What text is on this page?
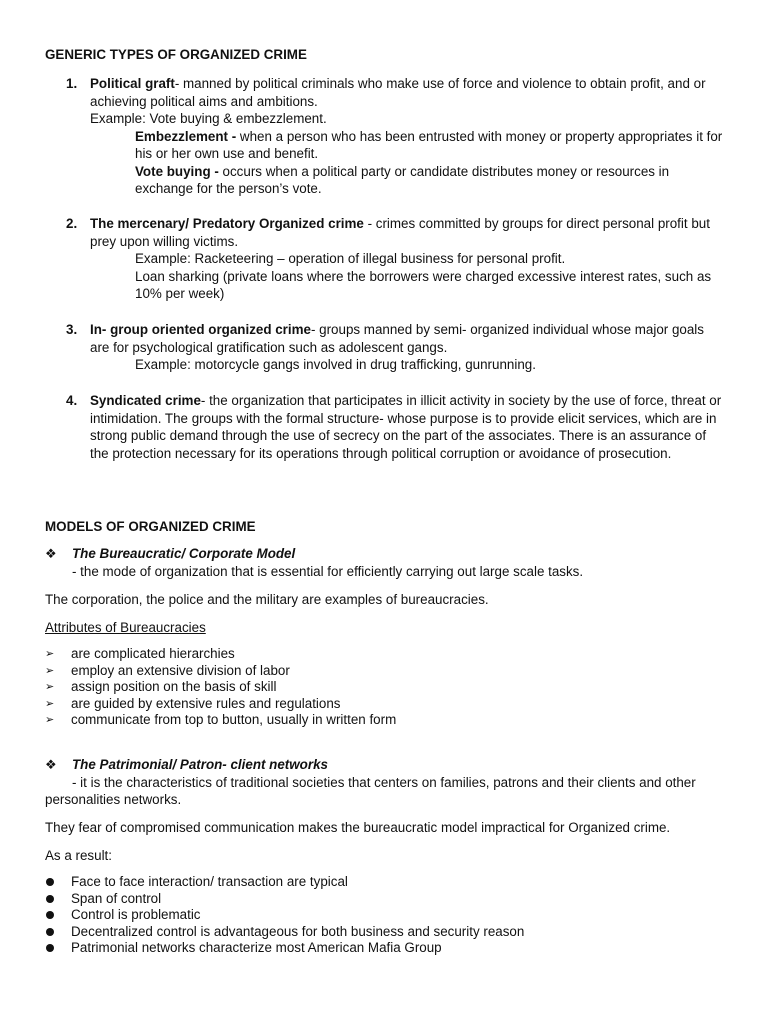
GENERIC TYPES OF ORGANIZED CRIME
1. Political graft- manned by political criminals who make use of force and violence to obtain profit, and or achieving political aims and ambitions.
Example: Vote buying & embezzlement.
Embezzlement - when a person who has been entrusted with money or property appropriates it for his or her own use and benefit.
Vote buying - occurs when a political party or candidate distributes money or resources in exchange for the person’s vote.
2. The mercenary/ Predatory Organized crime - crimes committed by groups for direct personal profit but prey upon willing victims.
Example: Racketeering – operation of illegal business for personal profit.
Loan sharking (private loans where the borrowers were charged excessive interest rates, such as 10% per week)
3. In- group oriented organized crime- groups manned by semi- organized individual whose major goals are for psychological gratification such as adolescent gangs.
Example: motorcycle gangs involved in drug trafficking, gunrunning.
4. Syndicated crime- the organization that participates in illicit activity in society by the use of force, threat or intimidation. The groups with the formal structure- whose purpose is to provide elicit services, which are in strong public demand through the use of secrecy on the part of the associates. There is an assurance of the protection necessary for its operations through political corruption or avoidance of prosecution.
MODELS OF ORGANIZED CRIME
❖ The Bureaucratic/ Corporate Model
- the mode of organization that is essential for efficiently carrying out large scale tasks.
The corporation, the police and the military are examples of bureaucracies.
Attributes of Bureaucracies
➢ are complicated hierarchies
➢ employ an extensive division of labor
➢ assign position on the basis of skill
➢ are guided by extensive rules and regulations
➢ communicate from top to button, usually in written form
❖ The Patrimonial/ Patron- client networks
- it is the characteristics of traditional societies that centers on families, patrons and their clients and other personalities networks.
They fear of compromised communication makes the bureaucratic model impractical for Organized crime.
As a result:
Face to face interaction/ transaction are typical
Span of control
Control is problematic
Decentralized control is advantageous for both business and security reason
Patrimonial networks characterize most American Mafia Group
